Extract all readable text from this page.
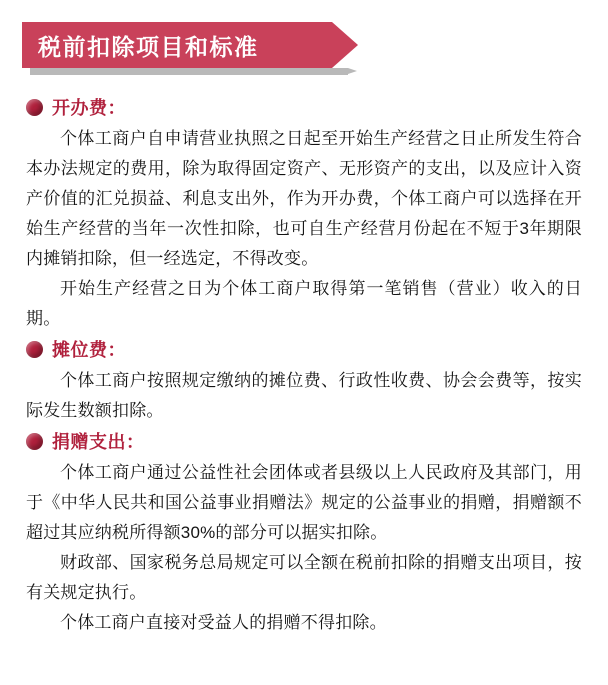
税前扣除项目和标准
开办费：

个体工商户自申请营业执照之日起至开始生产经营之日止所发生符合本办法规定的费用，除为取得固定资产、无形资产的支出，以及应计入资产价值的汇兑损益、利息支出外，作为开办费，个体工商户可以选择在开始生产经营的当年一次性扣除，也可自生产经营月份起在不短于3年期限内摊销扣除，但一经选定，不得改变。

开始生产经营之日为个体工商户取得第一笔销售（营业）收入的日期。

摊位费：

个体工商户按照规定缴纳的摊位费、行政性收费、协会会费等，按实际发生数额扣除。

捐赠支出：

个体工商户通过公益性社会团体或者县级以上人民政府及其部门，用于《中华人民共和国公益事业捐赠法》规定的公益事业的捐赠，捐赠额不超过其应纳税所得额30%的部分可以据实扣除。

财政部、国家税务总局规定可以全额在税前扣除的捐赠支出项目，按有关规定执行。

个体工商户直接对受益人的捐赠不得扣除。
